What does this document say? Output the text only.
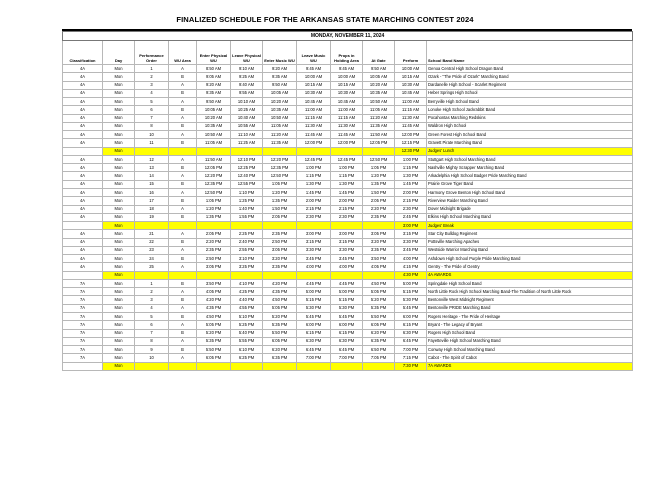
FINALIZED SCHEDULE FOR THE ARKANSAS STATE MARCHING CONTEST 2024
MONDAY, NOVEMBER 11, 2024											
Classification	Day	Performance Order	WU Area	Enter Physical WU	Leave Physical WU	Enter Music WU	Leave Music WU	Props in Holding Area	At Gate	Perform	School Band Name
4A	Mon	1	A	8:50 AM	9:10 AM	9:20 AM	9:45 AM	9:45 AM	9:50 AM	10:00 AM	Genoa Central High School Dragon Band
4A	Mon	2	B	9:05 AM	9:25 AM	9:35 AM	10:00 AM	10:00 AM	10:05 AM	10:15 AM	Ozark - "The Pride of Ozark" Marching Band
4A	Mon	3	A	9:20 AM	9:40 AM	9:50 AM	10:15 AM	10:15 AM	10:20 AM	10:30 AM	Dardanelle High School - Scarlet Regiment
4A	Mon	4	B	9:35 AM	9:55 AM	10:05 AM	10:30 AM	10:30 AM	10:35 AM	10:45 AM	Heber Springs High School
4A	Mon	5	A	9:50 AM	10:10 AM	10:20 AM	10:45 AM	10:45 AM	10:50 AM	11:00 AM	Berryville High School Band
4A	Mon	6	B	10:05 AM	10:25 AM	10:35 AM	11:00 AM	11:00 AM	11:05 AM	11:15 AM	Lonoke High School Jackrabbit Band
4A	Mon	7	A	10:20 AM	10:40 AM	10:50 AM	11:15 AM	11:15 AM	11:20 AM	11:30 AM	Pocahontas Marching Redskins
4A	Mon	8	B	10:35 AM	10:55 AM	11:05 AM	11:30 AM	11:30 AM	11:35 AM	11:45 AM	Waldron High School
4A	Mon	10	A	10:50 AM	11:10 AM	11:20 AM	11:45 AM	11:45 AM	11:50 AM	12:00 PM	Green Forest High School Band
4A	Mon	11	B	11:05 AM	11:25 AM	11:35 AM	12:00 PM	12:00 PM	12:05 PM	12:15 PM	Gravett Pirate Marching Band
	Mon									12:30 PM	Judges' Lunch
4A	Mon	12	A	11:50 AM	12:10 PM	12:20 PM	12:45 PM	12:45 PM	12:50 PM	1:00 PM	Stuttgart High School Marching Band
4A	Mon	13	B	12:05 PM	12:25 PM	12:35 PM	1:00 PM	1:00 PM	1:05 PM	1:15 PM	Nashville Mighty Scrapper Marching Band
4A	Mon	14	A	12:20 PM	12:40 PM	12:50 PM	1:15 PM	1:15 PM	1:20 PM	1:30 PM	Arkadelphia High School Badger Pride Marching Band
4A	Mon	15	B	12:35 PM	12:55 PM	1:05 PM	1:30 PM	1:30 PM	1:35 PM	1:45 PM	Prairie Grove Tiger Band
4A	Mon	16	A	12:50 PM	1:10 PM	1:20 PM	1:45 PM	1:45 PM	1:50 PM	2:00 PM	Harmony Grove Benton High School Band
4A	Mon	17	B	1:05 PM	1:25 PM	1:35 PM	2:00 PM	2:00 PM	2:05 PM	2:15 PM	Riverview Raider Marching Band
4A	Mon	18	A	1:20 PM	1:40 PM	1:50 PM	2:15 PM	2:15 PM	2:20 PM	2:30 PM	Dover Midnight Brigade
4A	Mon	19	B	1:35 PM	1:55 PM	2:05 PM	2:30 PM	2:30 PM	2:35 PM	2:45 PM	Elkins High School Marching Band
	Mon									3:00 PM	Judges' Break
4A	Mon	21	A	2:05 PM	2:25 PM	2:35 PM	3:00 PM	3:00 PM	3:05 PM	3:15 PM	Star City Bulldog Regiment
4A	Mon	22	B	2:20 PM	2:40 PM	2:50 PM	3:15 PM	3:15 PM	3:20 PM	3:30 PM	Pottsville Marching Apaches
4A	Mon	23	A	2:35 PM	2:55 PM	3:05 PM	3:30 PM	3:30 PM	3:35 PM	3:45 PM	Westside Warrior Marching Band
4A	Mon	24	B	2:50 PM	3:10 PM	3:20 PM	3:45 PM	3:45 PM	3:50 PM	4:00 PM	Ashdown High School Purple Pride Marching Band
4A	Mon	25	A	3:05 PM	3:25 PM	3:35 PM	4:00 PM	4:00 PM	4:05 PM	4:15 PM	Gentry - The Pride of Gentry
	Mon									4:30 PM	4A AWARDS
7A	Mon	1	B	3:50 PM	4:10 PM	4:20 PM	4:45 PM	4:45 PM	4:50 PM	5:00 PM	Springdale High School Band
7A	Mon	2	A	4:05 PM	4:25 PM	4:35 PM	5:00 PM	5:00 PM	5:05 PM	5:15 PM	North Little Rock High School Marching Band-The Tradition of North Little Rock
7A	Mon	3	B	4:20 PM	4:40 PM	4:50 PM	5:15 PM	5:15 PM	5:20 PM	5:30 PM	Bentonville West Midnight Regiment
7A	Mon	4	A	4:35 PM	4:55 PM	5:05 PM	5:30 PM	5:30 PM	5:35 PM	5:45 PM	Bentonville PRIDE Marching Band
7A	Mon	5	B	4:50 PM	5:10 PM	5:20 PM	5:45 PM	5:45 PM	5:50 PM	6:00 PM	Rogers Heritage - The Pride of Heritage
7A	Mon	6	A	5:05 PM	5:25 PM	5:35 PM	6:00 PM	6:00 PM	6:05 PM	6:15 PM	Bryant - The Legacy of Bryant
7A	Mon	7	B	5:20 PM	5:40 PM	5:50 PM	6:15 PM	6:15 PM	6:20 PM	6:30 PM	Rogers High School Band
7A	Mon	8	A	5:35 PM	5:55 PM	6:05 PM	6:30 PM	6:30 PM	6:35 PM	6:45 PM	Fayetteville High School Marching Band
7A	Mon	9	B	5:50 PM	6:10 PM	6:20 PM	6:45 PM	6:45 PM	6:50 PM	7:00 PM	Conway High School Marching Band
7A	Mon	10	A	6:05 PM	6:25 PM	6:35 PM	7:00 PM	7:00 PM	7:05 PM	7:15 PM	Cabot - The Spirit of Cabot
	Mon									7:30 PM	7A AWARDS
